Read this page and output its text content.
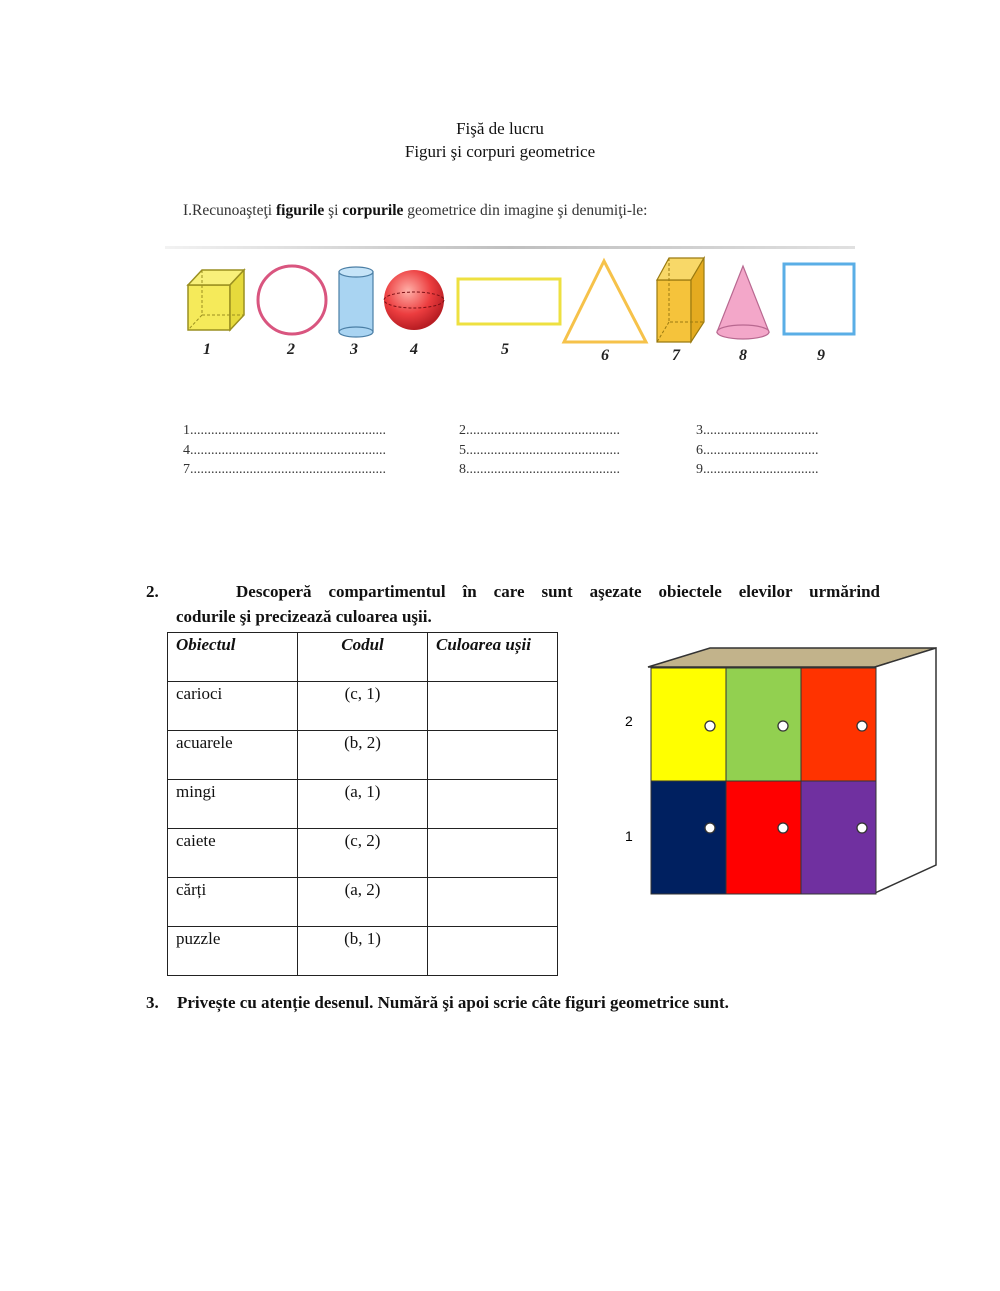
Fişă de lucru
Figuri şi corpuri geometrice
I.Recunoaşteţi figurile şi corpurile geometrice din imagine şi denumiţi-le:
1	2	3	4	5	6	7	8	9
1........................................................	2............................................	3.................................
4........................................................	5............................................	6.................................
7........................................................	8............................................	9.................................
2.	Descoperă compartimentul în care sunt aşezate obiectele elevilor urmărind
codurile şi precizează culoarea uşii.
Obiectul	Codul	Culoarea ușii
carioci	(c, 1)	
acuarele	(b, 2)	
mingi	(a, 1)	
caiete	(c, 2)	
cărți	(a, 2)	
puzzle	(b, 1)	
2
1
3. Privește cu atenție desenul. Numără şi apoi scrie câte figuri geometrice sunt.
